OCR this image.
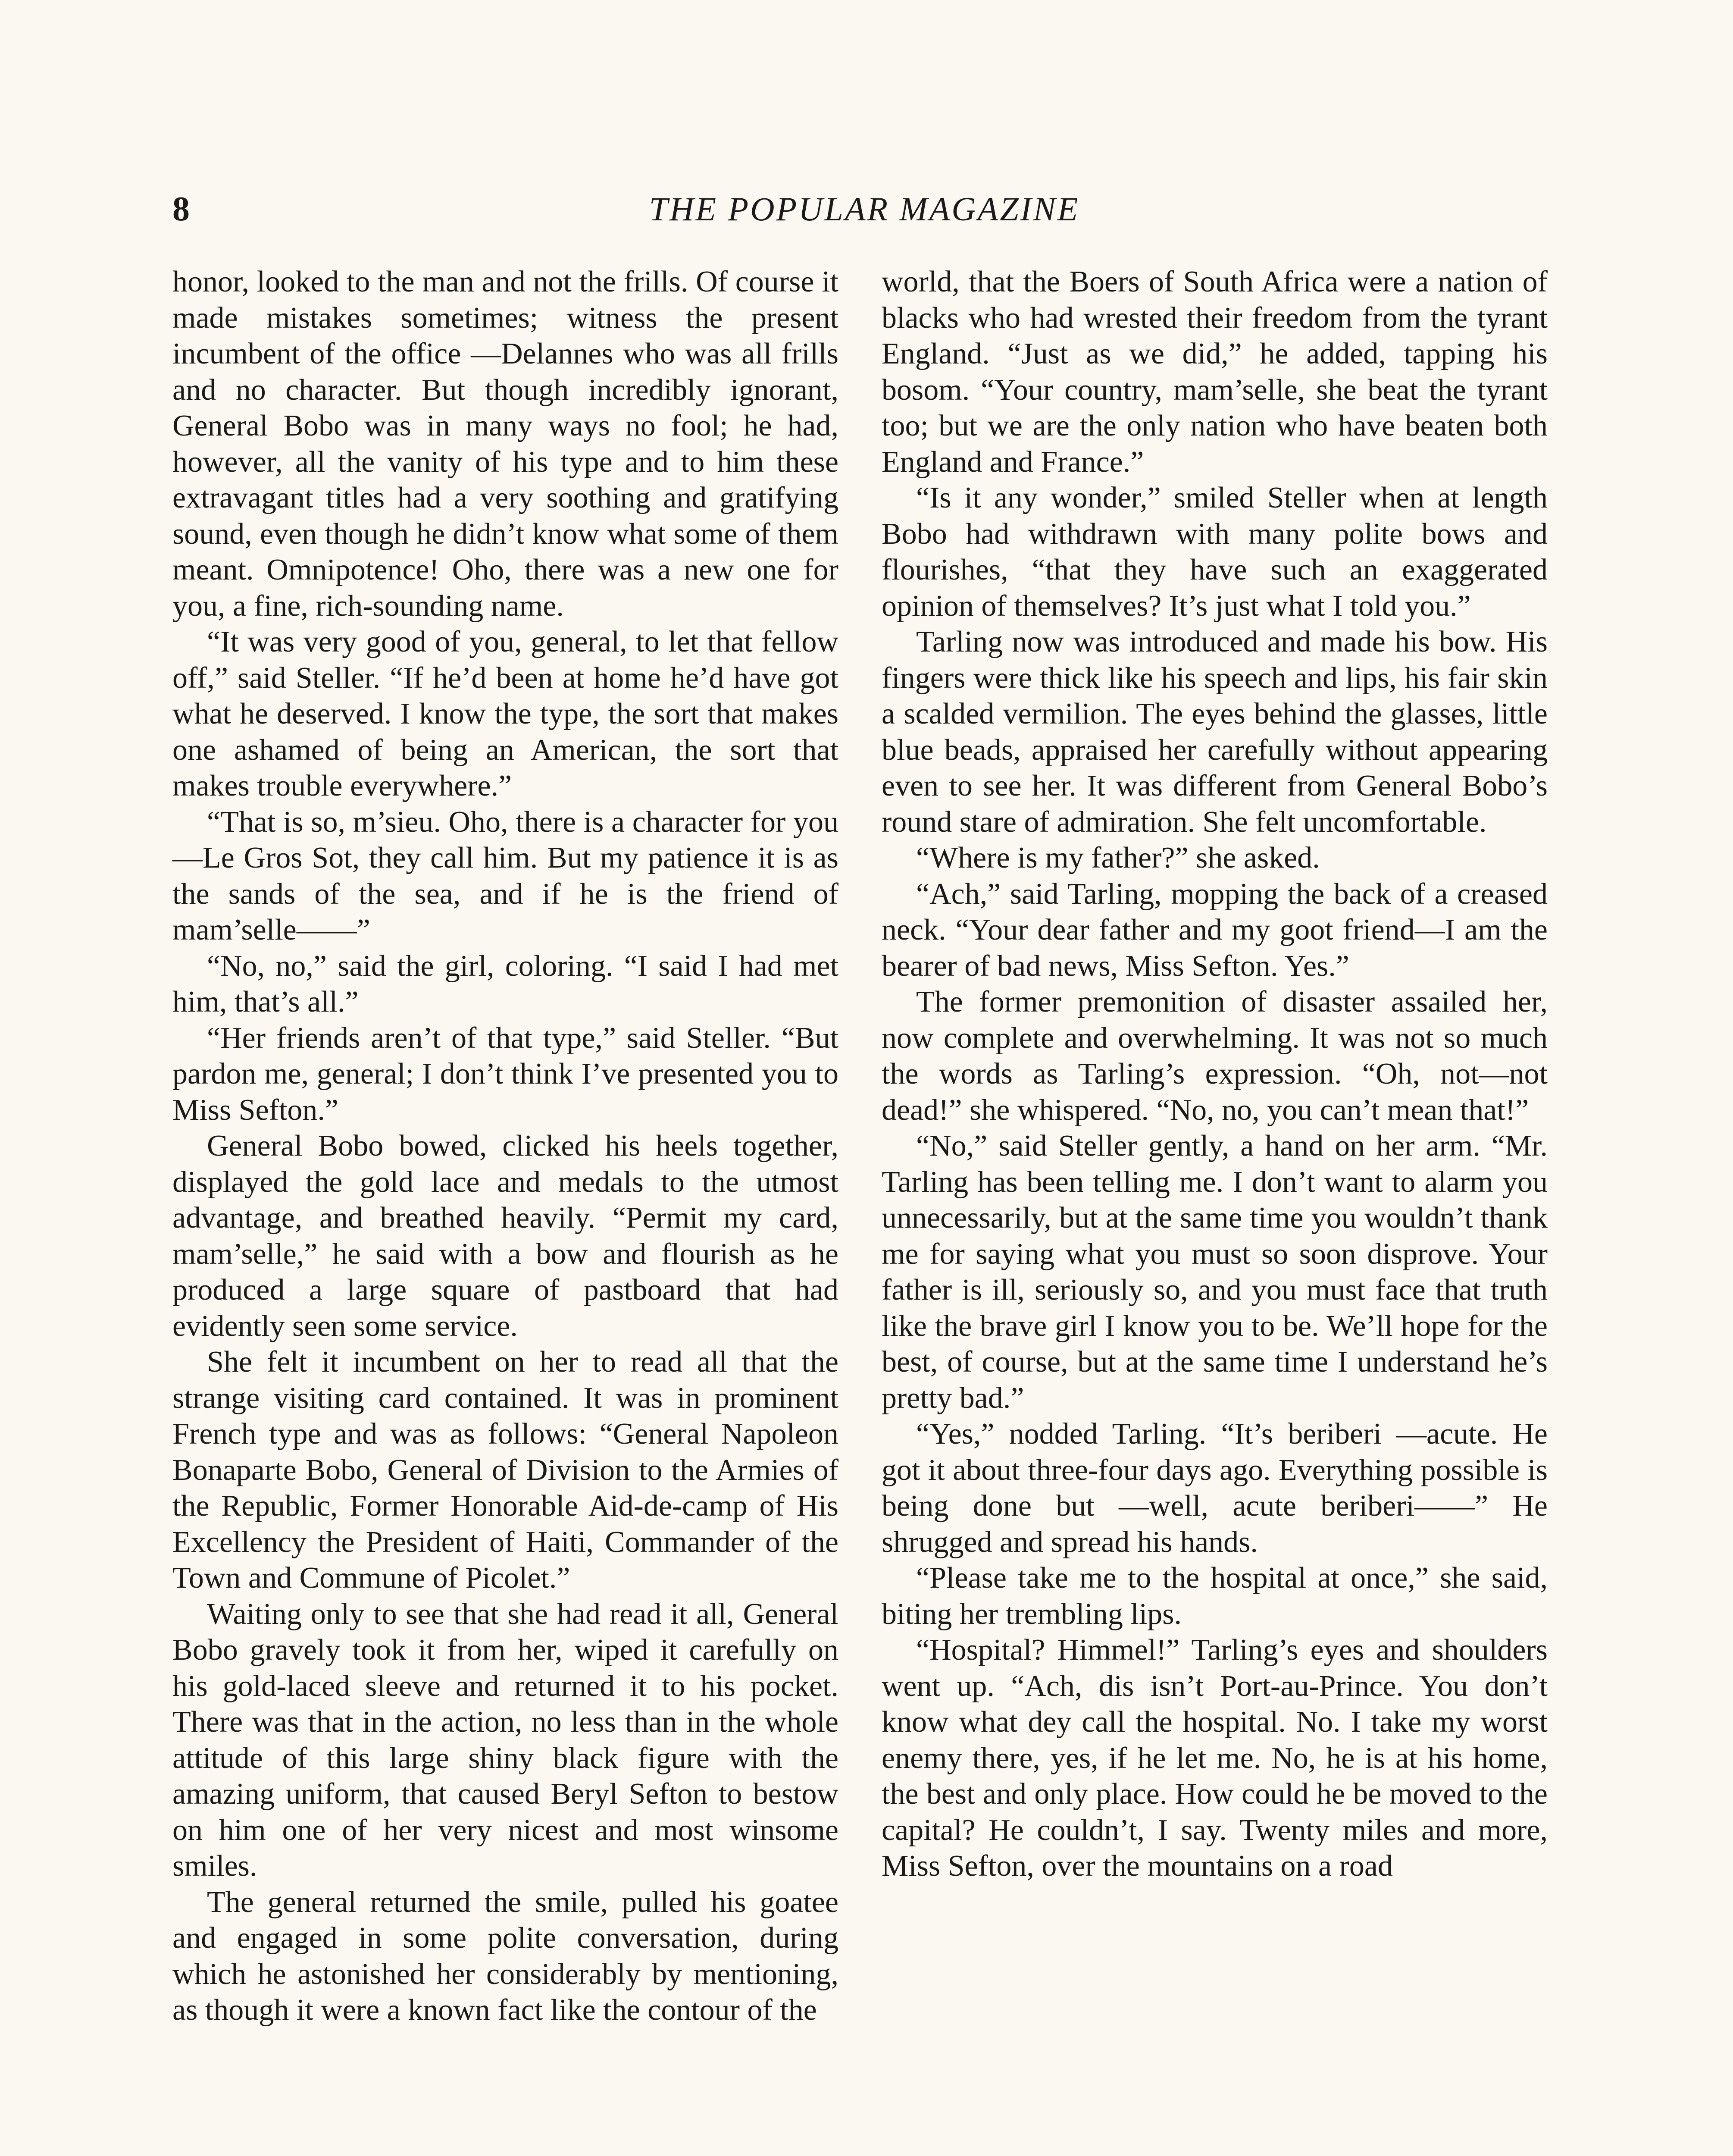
8	THE POPULAR MAGAZINE

honor, looked to the man and not the frills. Of course it made mistakes sometimes; witness the present incumbent of the office —Delannes who was all frills and no character. But though incredibly ignorant, General Bobo was in many ways no fool; he had, however, all the vanity of his type and to him these extravagant titles had a very soothing and gratifying sound, even though he didn’t know what some of them meant. Omnipotence! Oho, there was a new one for you, a fine, rich-sounding name.

“It was very good of you, general, to let that fellow off,” said Steller. “If he’d been at home he’d have got what he deserved. I know the type, the sort that makes one ashamed of being an American, the sort that makes trouble everywhere.”

“That is so, m’sieu. Oho, there is a character for you—Le Gros Sot, they call him. But my patience it is as the sands of the sea, and if he is the friend of mam’selle——”

“No, no,” said the girl, coloring. “I said I had met him, that’s all.”

“Her friends aren’t of that type,” said Steller. “But pardon me, general; I don’t think I’ve presented you to Miss Sefton.”

General Bobo bowed, clicked his heels together, displayed the gold lace and medals to the utmost advantage, and breathed heavily. “Permit my card, mam’selle,” he said with a bow and flourish as he produced a large square of pastboard that had evidently seen some service.

She felt it incumbent on her to read all that the strange visiting card contained. It was in prominent French type and was as follows: “General Napoleon Bonaparte Bobo, General of Division to the Armies of the Republic, Former Honorable Aid-de-camp of His Excellency the President of Haiti, Commander of the Town and Commune of Picolet.”

Waiting only to see that she had read it all, General Bobo gravely took it from her, wiped it carefully on his gold-laced sleeve and returned it to his pocket. There was that in the action, no less than in the whole attitude of this large shiny black figure with the amazing uniform, that caused Beryl Sefton to bestow on him one of her very nicest and most winsome smiles.

The general returned the smile, pulled his goatee and engaged in some polite conversation, during which he astonished her considerably by mentioning, as though it were a known fact like the contour of the

world, that the Boers of South Africa were a nation of blacks who had wrested their freedom from the tyrant England. “Just as we did,” he added, tapping his bosom. “Your country, mam’selle, she beat the tyrant too; but we are the only nation who have beaten both England and France.”

“Is it any wonder,” smiled Steller when at length Bobo had withdrawn with many polite bows and flourishes, “that they have such an exaggerated opinion of themselves? It’s just what I told you.”

Tarling now was introduced and made his bow. His fingers were thick like his speech and lips, his fair skin a scalded vermilion. The eyes behind the glasses, little blue beads, appraised her carefully without appearing even to see her. It was different from General Bobo’s round stare of admiration. She felt uncomfortable.

“Where is my father?” she asked.

“Ach,” said Tarling, mopping the back of a creased neck. “Your dear father and my goot friend—I am the bearer of bad news, Miss Sefton. Yes.”

The former premonition of disaster assailed her, now complete and overwhelming. It was not so much the words as Tarling’s expression. “Oh, not—not dead!” she whispered. “No, no, you can’t mean that!”

“No,” said Steller gently, a hand on her arm. “Mr. Tarling has been telling me. I don’t want to alarm you unnecessarily, but at the same time you wouldn’t thank me for saying what you must so soon disprove. Your father is ill, seriously so, and you must face that truth like the brave girl I know you to be. We’ll hope for the best, of course, but at the same time I understand he’s pretty bad.”

“Yes,” nodded Tarling. “It’s beriberi —acute. He got it about three-four days ago. Everything possible is being done but —well, acute beriberi——” He shrugged and spread his hands.

“Please take me to the hospital at once,” she said, biting her trembling lips.

“Hospital? Himmel!” Tarling’s eyes and shoulders went up. “Ach, dis isn’t Port-au-Prince. You don’t know what dey call the hospital. No. I take my worst enemy there, yes, if he let me. No, he is at his home, the best and only place. How could he be moved to the capital? He couldn’t, I say. Twenty miles and more, Miss Sefton, over the mountains on a road
